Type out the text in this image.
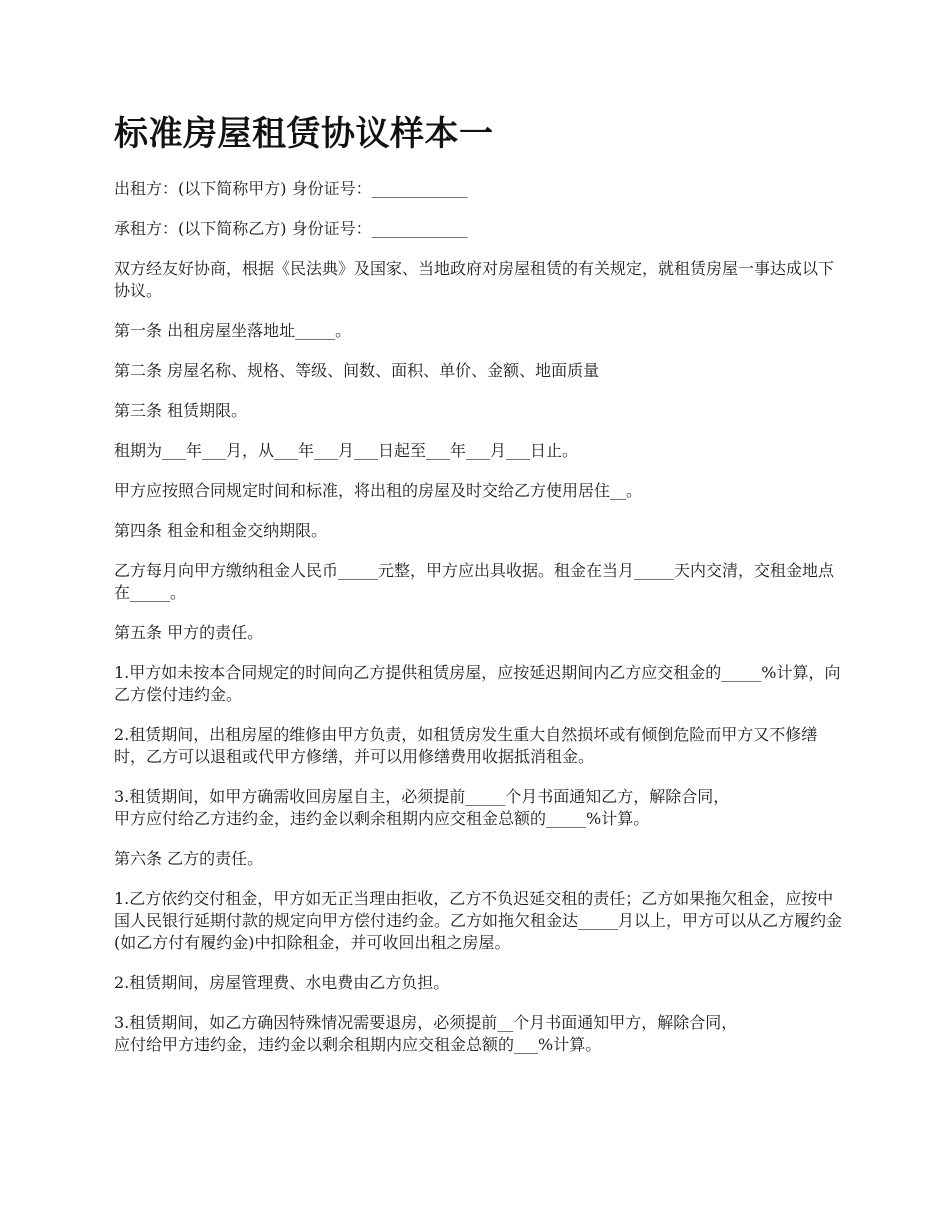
标准房屋租赁协议样本一

出租方：(以下简称甲方) 身份证号：____________

承租方：(以下简称乙方) 身份证号：____________

双方经友好协商，根据《民法典》及国家、当地政府对房屋租赁的有关规定，就租赁房屋一事达成以下协议。

第一条 出租房屋坐落地址_____。

第二条 房屋名称、规格、等级、间数、面积、单价、金额、地面质量

第三条 租赁期限。

租期为___年___月，从___年___月___日起至___年___月___日止。

甲方应按照合同规定时间和标准，将出租的房屋及时交给乙方使用居住__。

第四条 租金和租金交纳期限。

乙方每月向甲方缴纳租金人民币_____元整，甲方应出具收据。租金在当月_____天内交清，交租金地点在_____。

第五条 甲方的责任。

1.甲方如未按本合同规定的时间向乙方提供租赁房屋，应按延迟期间内乙方应交租金的_____%计算，向乙方偿付违约金。

2.租赁期间，出租房屋的维修由甲方负责，如租赁房发生重大自然损坏或有倾倒危险而甲方又不修缮时，乙方可以退租或代甲方修缮，并可以用修缮费用收据抵消租金。

3.租赁期间，如甲方确需收回房屋自主，必须提前_____个月书面通知乙方，解除合同，
甲方应付给乙方违约金，违约金以剩余租期内应交租金总额的_____%计算。

第六条 乙方的责任。

1.乙方依约交付租金，甲方如无正当理由拒收，乙方不负迟延交租的责任；乙方如果拖欠租金，应按中国人民银行延期付款的规定向甲方偿付违约金。乙方如拖欠租金达_____月以上，甲方可以从乙方履约金(如乙方付有履约金)中扣除租金，并可收回出租之房屋。

2.租赁期间，房屋管理费、水电费由乙方负担。

3.租赁期间，如乙方确因特殊情况需要退房，必须提前__个月书面通知甲方，解除合同，
应付给甲方违约金，违约金以剩余租期内应交租金总额的___%计算。
